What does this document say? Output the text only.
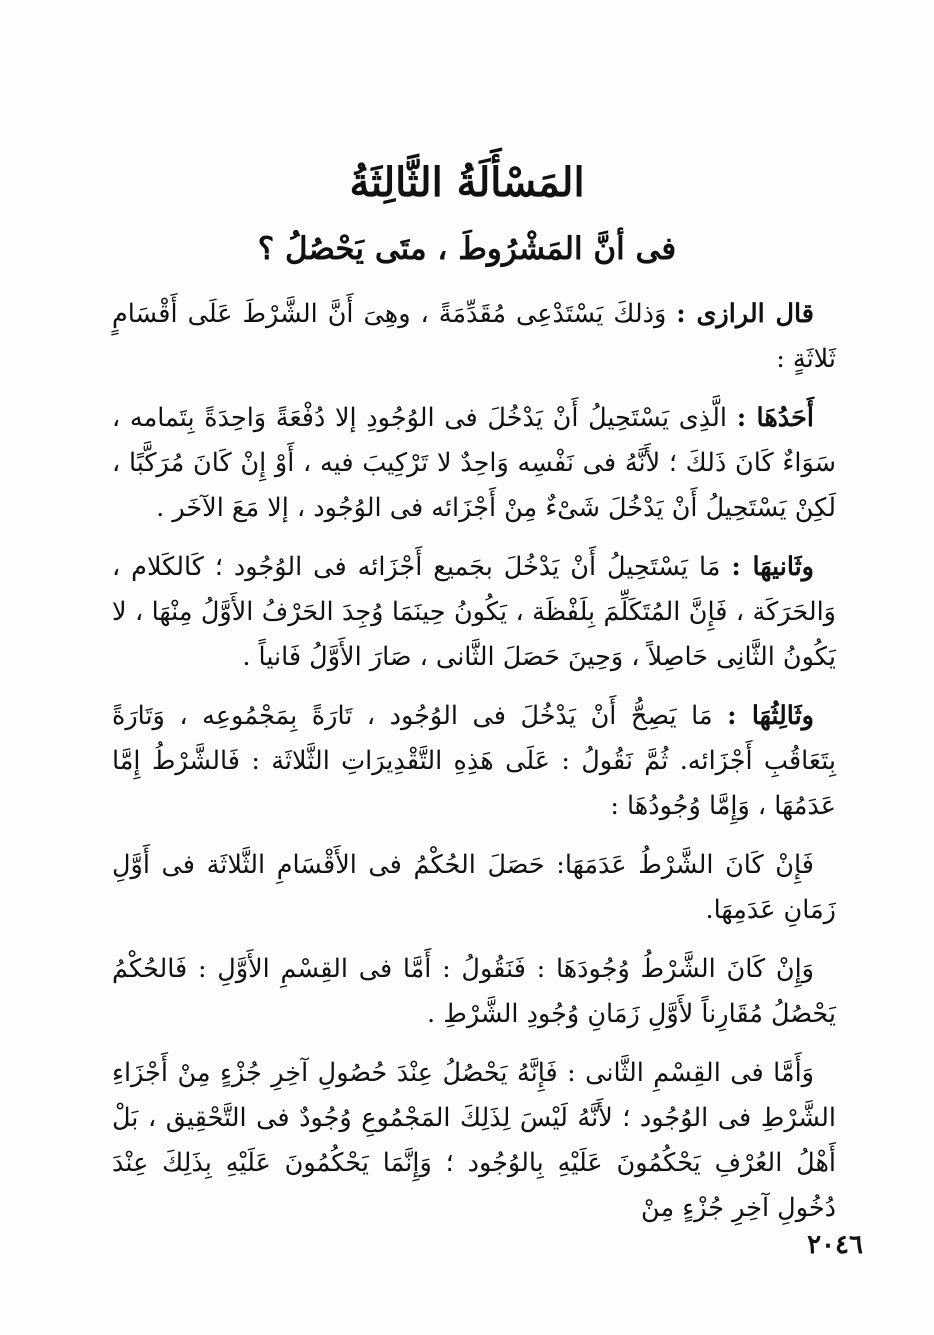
المَسْأَلَةُ الثَّالِثَةُ
فى أنَّ المَشْرُوطَ ، متَى يَحْصُلُ ؟

قال الرازى : وَذلكَ يَسْتَدْعِى مُقَدِّمَةً ، وهِىَ أَنَّ الشَّرْطَ عَلَى أَقْسَامٍ ثَلاثَةٍ :

أَحَدُهَا : الَّذِى يَسْتَحِيلُ أَنْ يَدْخُلَ فى الوُجُودِ إلا دُفْعَةً وَاحِدَةً بِتَمامه ، سَوَاءٌ كَانَ ذَلكَ ؛ لأَنَّهُ فى نَفْسِه وَاحِدٌ لا تَرْكِيبَ فيه ، أَوْ إِنْ كَانَ مُرَكَّبًا ، لَكِنْ يَسْتَحِيلُ أَنْ يَدْخُلَ شَىْءٌ مِنْ أَجْزَائه فى الوُجُود ، إلا مَعَ الآخَر .

وثَانيهَا : مَا يَسْتَحِيلُ أَنْ يَدْخُلَ بجَميع أَجْزَائه فى الوُجُود ؛ كَالكَلام ، وَالحَرَكَة ، فَإِنَّ المُتَكَلِّمَ بِلَفْظَة ، يَكُونُ حِينَمَا وُجِدَ الحَرْفُ الأَوَّلُ مِنْهَا ، لا يَكُونُ الثَّانِى حَاصِلاً ، وَحِينَ حَصَلَ الثَّانى ، صَارَ الأَوَّلُ فَانياً .

وثَالِثُهَا : مَا يَصِحُّ أَنْ يَدْخُلَ فى الوُجُود ، تَارَةً بِمَجْمُوعِه ، وَتَارَةً بِتَعَاقُبِ أَجْزَائه. ثُمَّ نَقُولُ : عَلَى هَذِهِ التَّقْدِيرَاتِ الثَّلاثَة : فَالشَّرْطُ إِمَّا عَدَمُهَا ، وَإِمَّا وُجُودُهَا :

فَإِنْ كَانَ الشَّرْطُ عَدَمَهَا: حَصَلَ الحُكْمُ فى الأَقْسَامِ الثَّلاثَة فى أَوَّلِ زَمَانِ عَدَمِهَا.

وَإِنْ كَانَ الشَّرْطُ وُجُودَهَا : فَنَقُولُ : أَمَّا فى القِسْمِ الأَوَّلِ : فَالحُكْمُ يَحْصُلُ مُقَارِناً لأَوَّلِ زَمَانِ وُجُودِ الشَّرْطِ .

وَأَمَّا فى القِسْمِ الثَّانى : فَإِنَّهُ يَحْصُلُ عِنْدَ حُصُولِ آخِرِ جُزْءٍ مِنْ أَجْزَاءِ الشَّرْطِ فى الوُجُود ؛ لأَنَّهُ لَيْسَ لِذَلِكَ المَجْمُوعِ وُجُودٌ فى التَّحْقِيق ، بَلْ أَهْلُ العُرْفِ يَحْكُمُونَ عَلَيْهِ بِالوُجُود ؛ وَإِنَّمَا يَحْكُمُونَ عَلَيْهِ بِذَلِكَ عِنْدَ دُخُولِ آخِرِ جُزْءٍ مِنْ

٢٠٤٦
